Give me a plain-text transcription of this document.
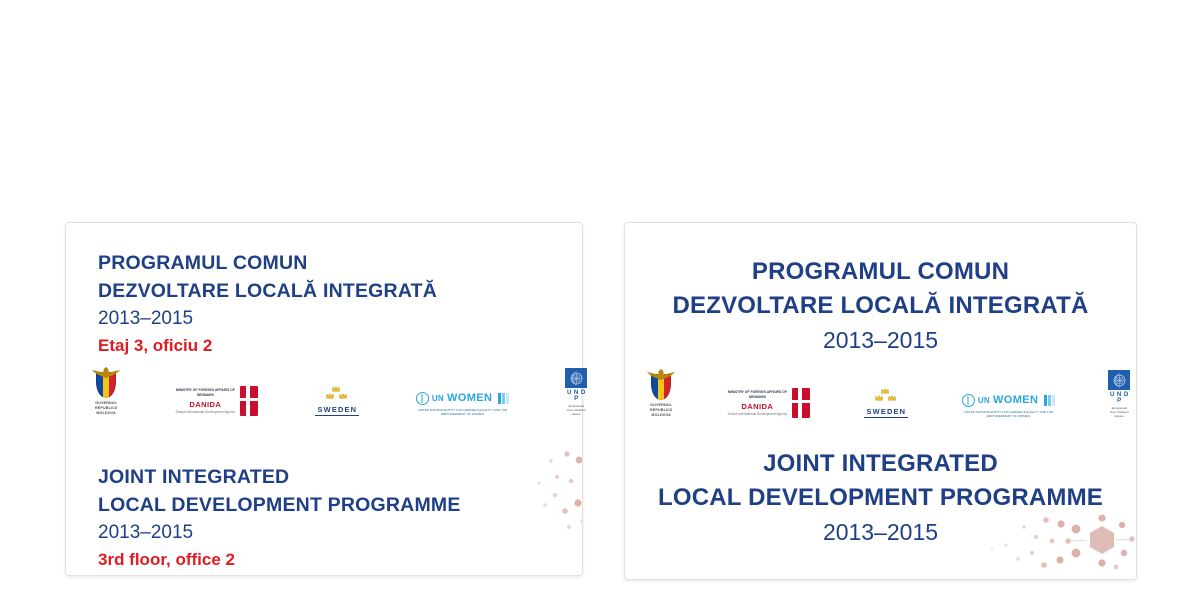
PROGRAMUL COMUN
DEZVOLTARE LOCALĂ INTEGRATĂ
2013–2015
Etaj 3, oficiu 2
JOINT INTEGRATED
LOCAL DEVELOPMENT PROGRAMME
2013–2015
3rd floor, office 2
GUVERNUL REPUBLICII MOLDOVA
MINISTRY OF FOREIGN AFFAIRS OF DENMARK
DANIDA
Danish International Development Agency	SWEDEN
UN WOMEN
UNITED NATIONS ENTITY FOR GENDER EQUALITY AND THE EMPOWERMENT OF WOMEN
U N D P
Empowered lives. Resilient nations.
PROGRAMUL COMUN
DEZVOLTARE LOCALĂ INTEGRATĂ
2013–2015
JOINT INTEGRATED
LOCAL DEVELOPMENT PROGRAMME
2013–2015
GUVERNUL REPUBLICII MOLDOVA
MINISTRY OF FOREIGN AFFAIRS OF DENMARK
DANIDA
Danish International Development Agency	SWEDEN
UN WOMEN
UNITED NATIONS ENTITY FOR GENDER EQUALITY AND THE EMPOWERMENT OF WOMEN
U N D P
Empowered lives. Resilient nations.
